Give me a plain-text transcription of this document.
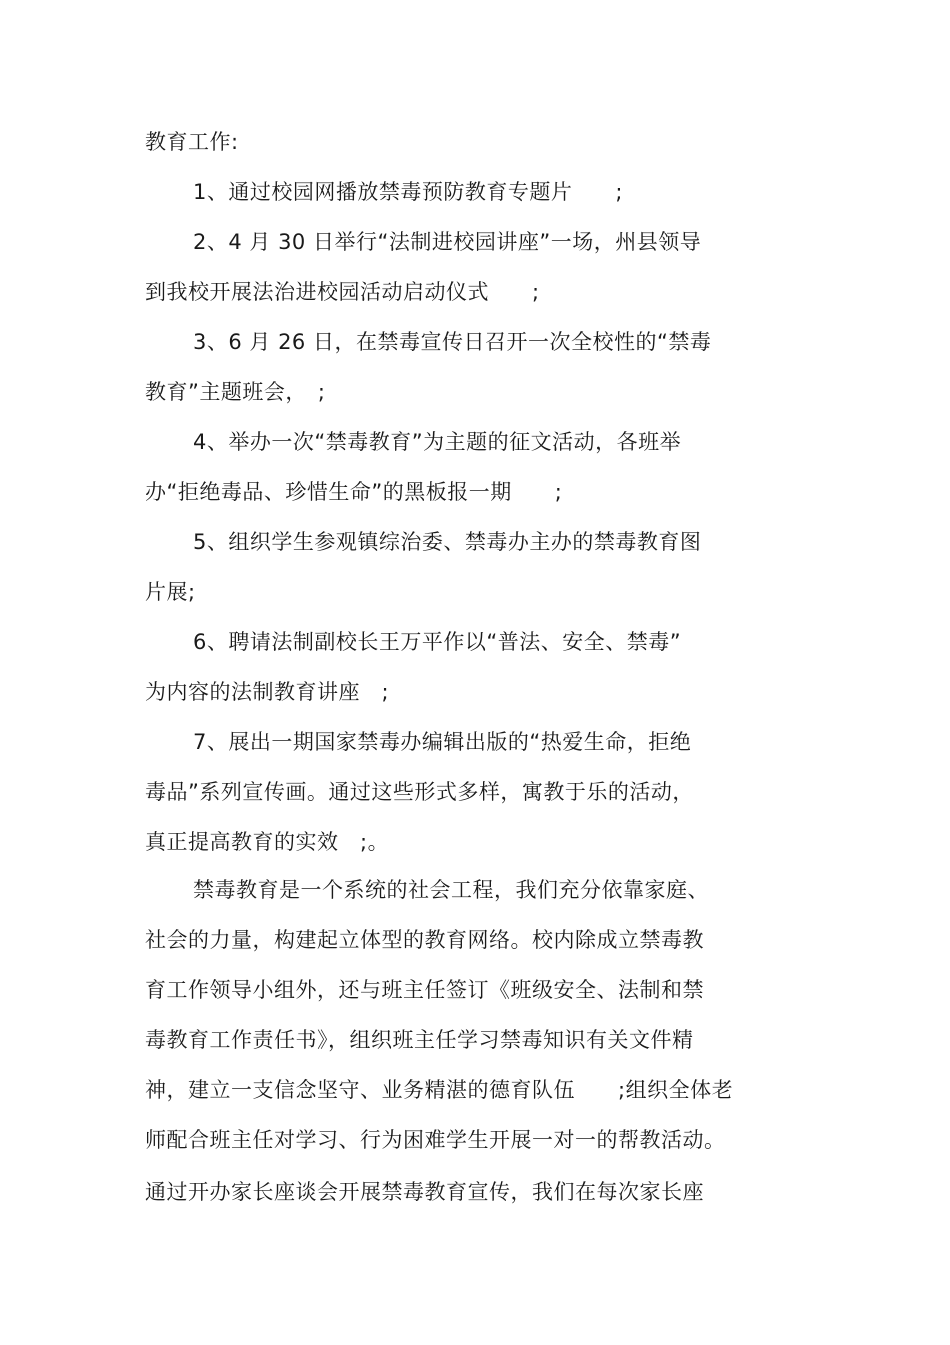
教育工作:
1、通过校园网播放禁毒预防教育专题片　　;
2、4 月 30 日举行“法制进校园讲座”一场，州县领导
到我校开展法治进校园活动启动仪式　　;
3、6 月 26 日，在禁毒宣传日召开一次全校性的“禁毒
教育”主题班会，　;
4、举办一次“禁毒教育”为主题的征文活动，各班举
办“拒绝毒品、珍惜生命”的黑板报一期　　;
5、组织学生参观镇综治委、禁毒办主办的禁毒教育图
片展;
6、聘请法制副校长王万平作以“普法、安全、禁毒”
为内容的法制教育讲座　;
7、展出一期国家禁毒办编辑出版的“热爱生命，拒绝
毒品”系列宣传画。通过这些形式多样，寓教于乐的活动，
真正提高教育的实效　;。
禁毒教育是一个系统的社会工程，我们充分依靠家庭、
社会的力量，构建起立体型的教育网络。校内除成立禁毒教
育工作领导小组外，还与班主任签订《班级安全、法制和禁
毒教育工作责任书》，组织班主任学习禁毒知识有关文件精
神，建立一支信念坚守、业务精湛的德育队伍　　;组织全体老
师配合班主任对学习、行为困难学生开展一对一的帮教活动。
通过开办家长座谈会开展禁毒教育宣传，我们在每次家长座
